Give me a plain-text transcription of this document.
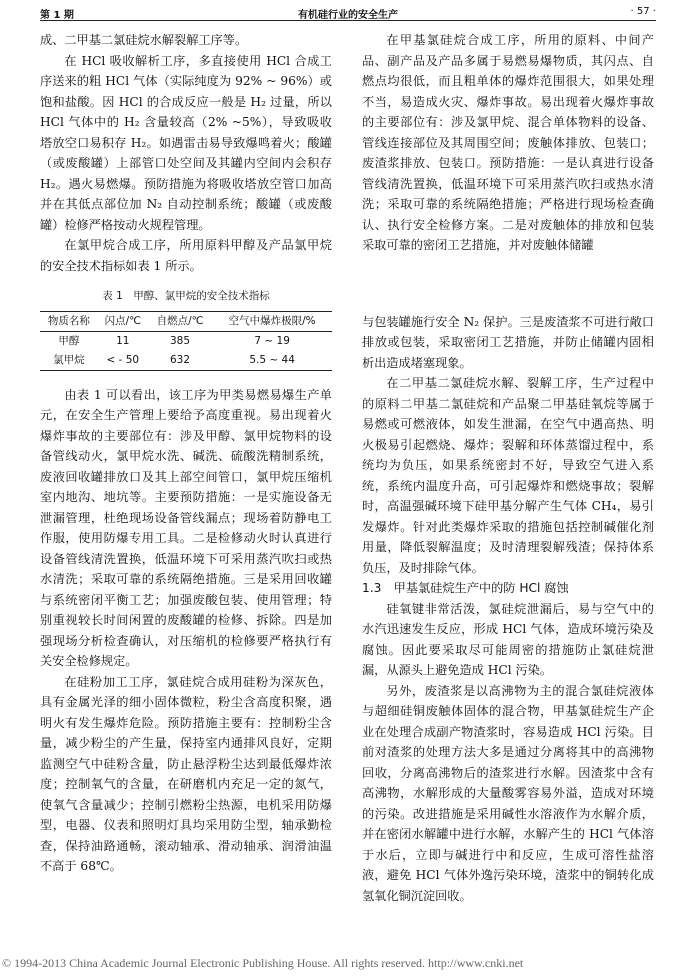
第 1 期	有机硅行业的安全生产	· 57 ·

成、二甲基二氯硅烷水解裂解工序等。

在 HCl 吸收解析工序，多直接使用 HCl 合成工序送来的粗 HCl 气体（实际纯度为 92% ~ 96%）或饱和盐酸。因 HCl 的合成反应一般是 H₂ 过量，所以 HCl 气体中的 H₂ 含量较高（2% ~5%），导致吸收塔放空口易积存 H₂。如遇雷击易导致爆鸣着火；酸罐（或废酸罐）上部管口处空间及其罐内空间内会积存 H₂。遇火易燃爆。预防措施为将吸收塔放空管口加高并在其低点部位加 N₂ 自动控制系统；酸罐（或废酸罐）检修严格按动火规程管理。

在氯甲烷合成工序，所用原料甲醇及产品氯甲烷的安全技术指标如表 1 所示。

表 1　甲醇、氯甲烷的安全技术指标
物质名称	闪点/℃	自燃点/℃	空气中爆炸极限/%
甲醇	11	385	7 ~ 19
氯甲烷	< - 50	632	5.5 ~ 44

由表 1 可以看出，该工序为甲类易燃易爆生产单元，在安全生产管理上要给予高度重视。易出现着火爆炸事故的主要部位有：涉及甲醇、氯甲烷物料的设备管线动火，氯甲烷水洗、碱洗、硫酸洗精制系统，废液回收罐排放口及其上部空间管口，氯甲烷压缩机室内地沟、地坑等。主要预防措施：一是实施设备无泄漏管理，杜绝现场设备管线漏点；现场着防静电工作服，使用防爆专用工具。二是检修动火时认真进行设备管线清洗置换，低温环境下可采用蒸汽吹扫或热水清洗；采取可靠的系统隔绝措施。三是采用回收罐与系统密闭平衡工艺；加强废酸包装、使用管理；特别重视较长时间闲置的废酸罐的检修、拆除。四是加强现场分析检查确认，对压缩机的检修要严格执行有关安全检修规定。

在硅粉加工工序，氯硅烷合成用硅粉为深灰色，具有金属光泽的细小固体微粒，粉尘含高度积聚，遇明火有发生爆炸危险。预防措施主要有：控制粉尘含量，减少粉尘的产生量，保持室内通排风良好，定期监测空气中硅粉含量，防止悬浮粉尘达到最低爆炸浓度；控制氧气的含量，在研磨机内充足一定的氮气，使氧气含量减少；控制引燃粉尘热源，电机采用防爆型，电器、仪表和照明灯具均采用防尘型，轴承勤检查，保持油路通畅，滚动轴承、滑动轴承、润滑油温不高于 68℃。

在甲基氯硅烷合成工序，所用的原料、中间产品、副产品及产品多属于易燃易爆物质，其闪点、自燃点均很低，而且粗单体的爆炸范围很大，如果处理不当，易造成火灾、爆炸事故。易出现着火爆炸事故的主要部位有：涉及氯甲烷、混合单体物料的设备、管线连接部位及其周围空间；废触体排放、包装口；废渣浆排放、包装口。预防措施：一是认真进行设备管线清洗置换，低温环境下可采用蒸汽吹扫或热水清洗；采取可靠的系统隔绝措施；严格进行现场检查确认、执行安全检修方案。二是对废触体的排放和包装采取可靠的密闭工艺措施，并对废触体储罐

与包装罐施行安全 N₂ 保护。三是废渣浆不可进行敞口排放或包装，采取密闭工艺措施，并防止储罐内固相析出造成堵塞现象。

在二甲基二氯硅烷水解、裂解工序，生产过程中的原料二甲基二氯硅烷和产品聚二甲基硅氧烷等属于易燃或可燃液体，如发生泄漏，在空气中遇高热、明火极易引起燃烧、爆炸；裂解和环体蒸馏过程中，系统均为负压，如果系统密封不好，导致空气进入系统，系统内温度升高，可引起爆炸和燃烧事故；裂解时，高温强碱环境下硅甲基分解产生气体 CH₄，易引发爆炸。针对此类爆炸采取的措施包括控制碱催化剂用量，降低裂解温度；及时清理裂解残渣；保持体系负压，及时排除气体。

1.3　甲基氯硅烷生产中的防 HCl 腐蚀

硅氧键非常活泼，氯硅烷泄漏后，易与空气中的水汽迅速发生反应，形成 HCl 气体，造成环境污染及腐蚀。因此要采取尽可能周密的措施防止氯硅烷泄漏，从源头上避免造成 HCl 污染。

另外，废渣浆是以高沸物为主的混合氯硅烷液体与超细硅铜废触体固体的混合物，甲基氯硅烷生产企业在处理合成副产物渣浆时，容易造成 HCl 污染。目前对渣浆的处理方法大多是通过分离将其中的高沸物回收，分离高沸物后的渣浆进行水解。因渣浆中含有高沸物，水解形成的大量酸雾容易外溢，造成对环境的污染。改进措施是采用碱性水溶液作为水解介质，并在密闭水解罐中进行水解，水解产生的 HCl 气体溶于水后，立即与碱进行中和反应，生成可溶性盐溶液，避免 HCl 气体外逸污染环境，渣浆中的铜转化成氢氧化铜沉淀回收。

© 1994-2013 China Academic Journal Electronic Publishing House. All rights reserved. http://www.cnki.net
